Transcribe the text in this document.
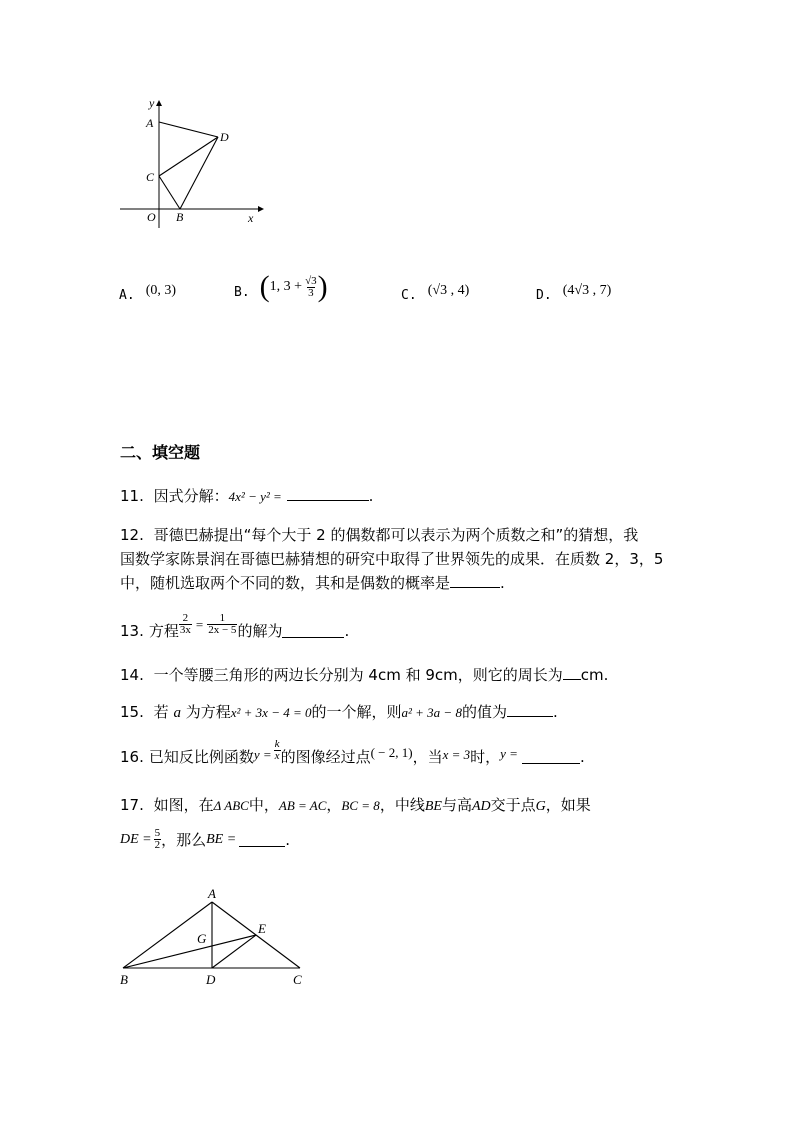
y
x
A
D
C
O B
A. (0, 3)	B. ( 1, $3 + \frac{√3}{3}$ )	C. (√3 , 4)	D. (4√3 , 7)
二、填空题
11. 因式分解：4x² − y² =	.
12. 哥德巴赫提出“每个大于 2 的偶数都可以表示为两个质数之和”的猜想，我
国数学家陈景润在哥德巴赫猜想的研究中取得了世界领先的成果．在质数 2，3，5
中，随机选取两个不同的数，其和是偶数的概率是	.
13. 方程 $\frac{2}{3x} = \frac{1}{2x - 5}$ 的解为	.
14. 一个等腰三角形的两边长分别为 4cm 和 9cm，则它的周长为 cm.
15. 若 a 为方程x² + 3x − 4 = 0的一个解，则a² + 3a − 8的值为	.
16. 已知反比例函数 $y = \frac{k}{x}$ 的图像经过点 ( − 2, 1) ，当 x = 3 时， y =	.
17. 如图，在Δ ABC中，AB = AC，BC = 8，中线BE与高AD交于点G，如果
DE = $\frac{5}{2}$ ，那么 BE =	.
A
G
E
B	D	C
